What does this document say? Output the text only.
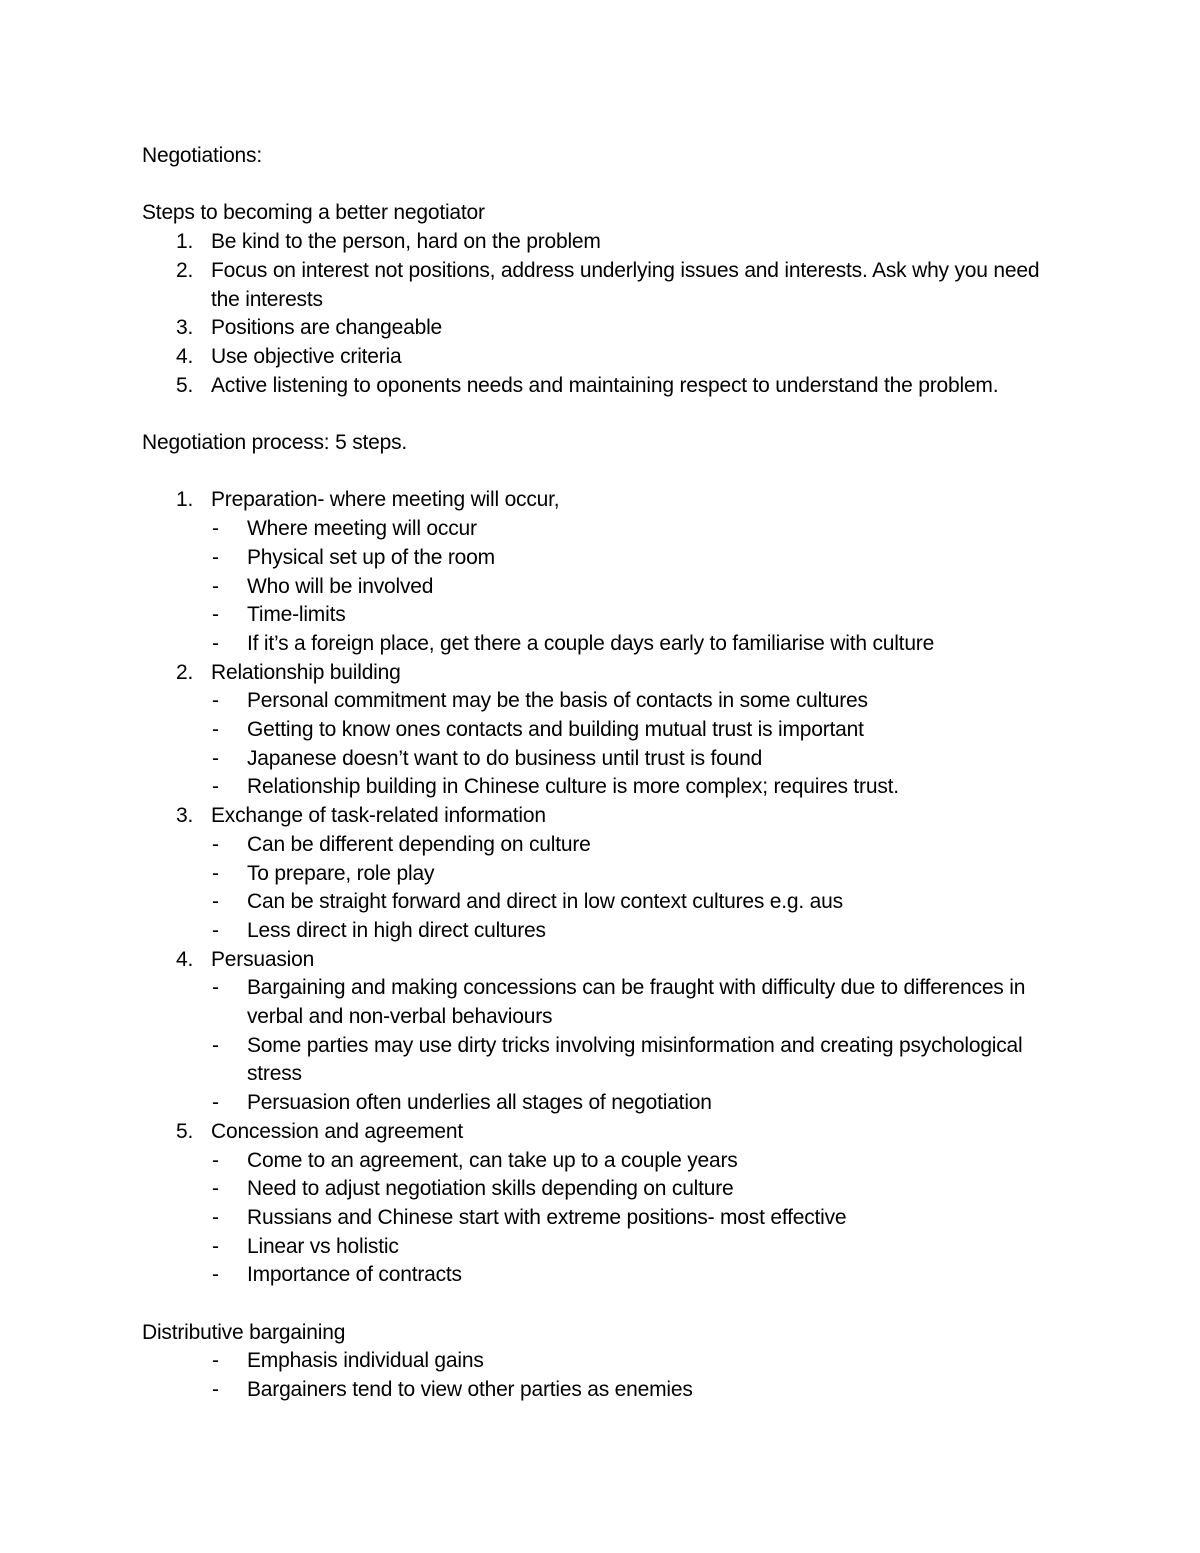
Negotiations:

Steps to becoming a better negotiator

1. Be kind to the person, hard on the problem
2. Focus on interest not positions, address underlying issues and interests. Ask why you need the interests
3. Positions are changeable
4. Use objective criteria
5. Active listening to oponents needs and maintaining respect to understand the problem.

Negotiation process: 5 steps.

1. Preparation- where meeting will occur,
- Where meeting will occur
- Physical set up of the room
- Who will be involved
- Time-limits
- If it’s a foreign place, get there a couple days early to familiarise with culture
2. Relationship building
- Personal commitment may be the basis of contacts in some cultures
- Getting to know ones contacts and building mutual trust is important
- Japanese doesn’t want to do business until trust is found
- Relationship building in Chinese culture is more complex; requires trust.
3. Exchange of task-related information
- Can be different depending on culture
- To prepare, role play
- Can be straight forward and direct in low context cultures e.g. aus
- Less direct in high direct cultures
4. Persuasion
- Bargaining and making concessions can be fraught with difficulty due to differences in verbal and non-verbal behaviours
- Some parties may use dirty tricks involving misinformation and creating psychological stress
- Persuasion often underlies all stages of negotiation
5. Concession and agreement
- Come to an agreement, can take up to a couple years
- Need to adjust negotiation skills depending on culture
- Russians and Chinese start with extreme positions- most effective
- Linear vs holistic
- Importance of contracts

Distributive bargaining

- Emphasis individual gains
- Bargainers tend to view other parties as enemies
